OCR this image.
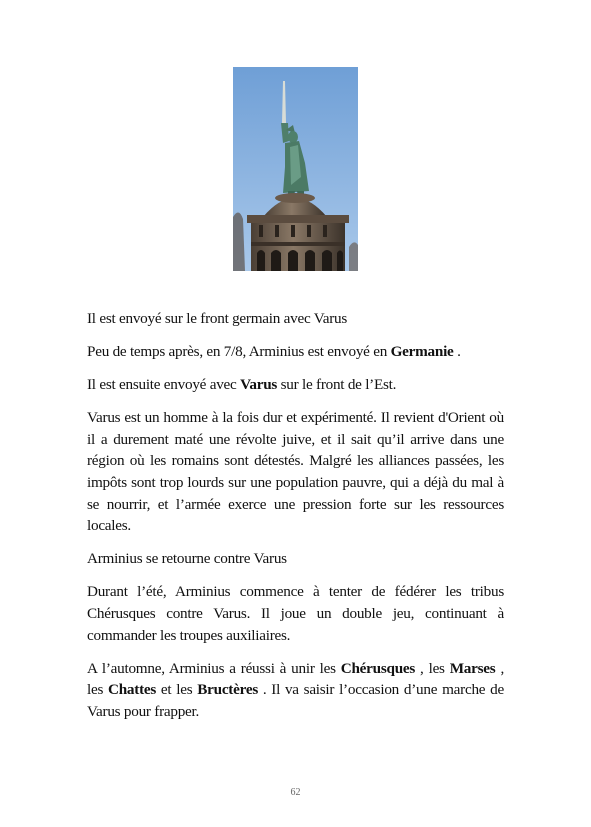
Il est envoyé sur le front germain avec Varus

Peu de temps après, en 7/8, Arminius est envoyé en Germanie .

Il est ensuite envoyé avec Varus sur le front de l’Est.

Varus est un homme à la fois dur et expérimenté. Il revient d'Orient où il a durement maté une révolte juive, et il sait qu’il arrive dans une région où les romains sont détestés. Malgré les alliances passées, les impôts sont trop lourds sur une population pauvre, qui a déjà du mal à se nourrir, et l’armée exerce une pression forte sur les ressources locales.

Arminius se retourne contre Varus

Durant l’été, Arminius commence à tenter de fédérer les tribus Chérusques contre Varus. Il joue un double jeu, continuant à commander les troupes auxiliaires.

A l’automne, Arminius a réussi à unir les Chérusques , les Marses , les Chattes et les Bructères . Il va saisir l’occasion d’une marche de Varus pour frapper.

62
